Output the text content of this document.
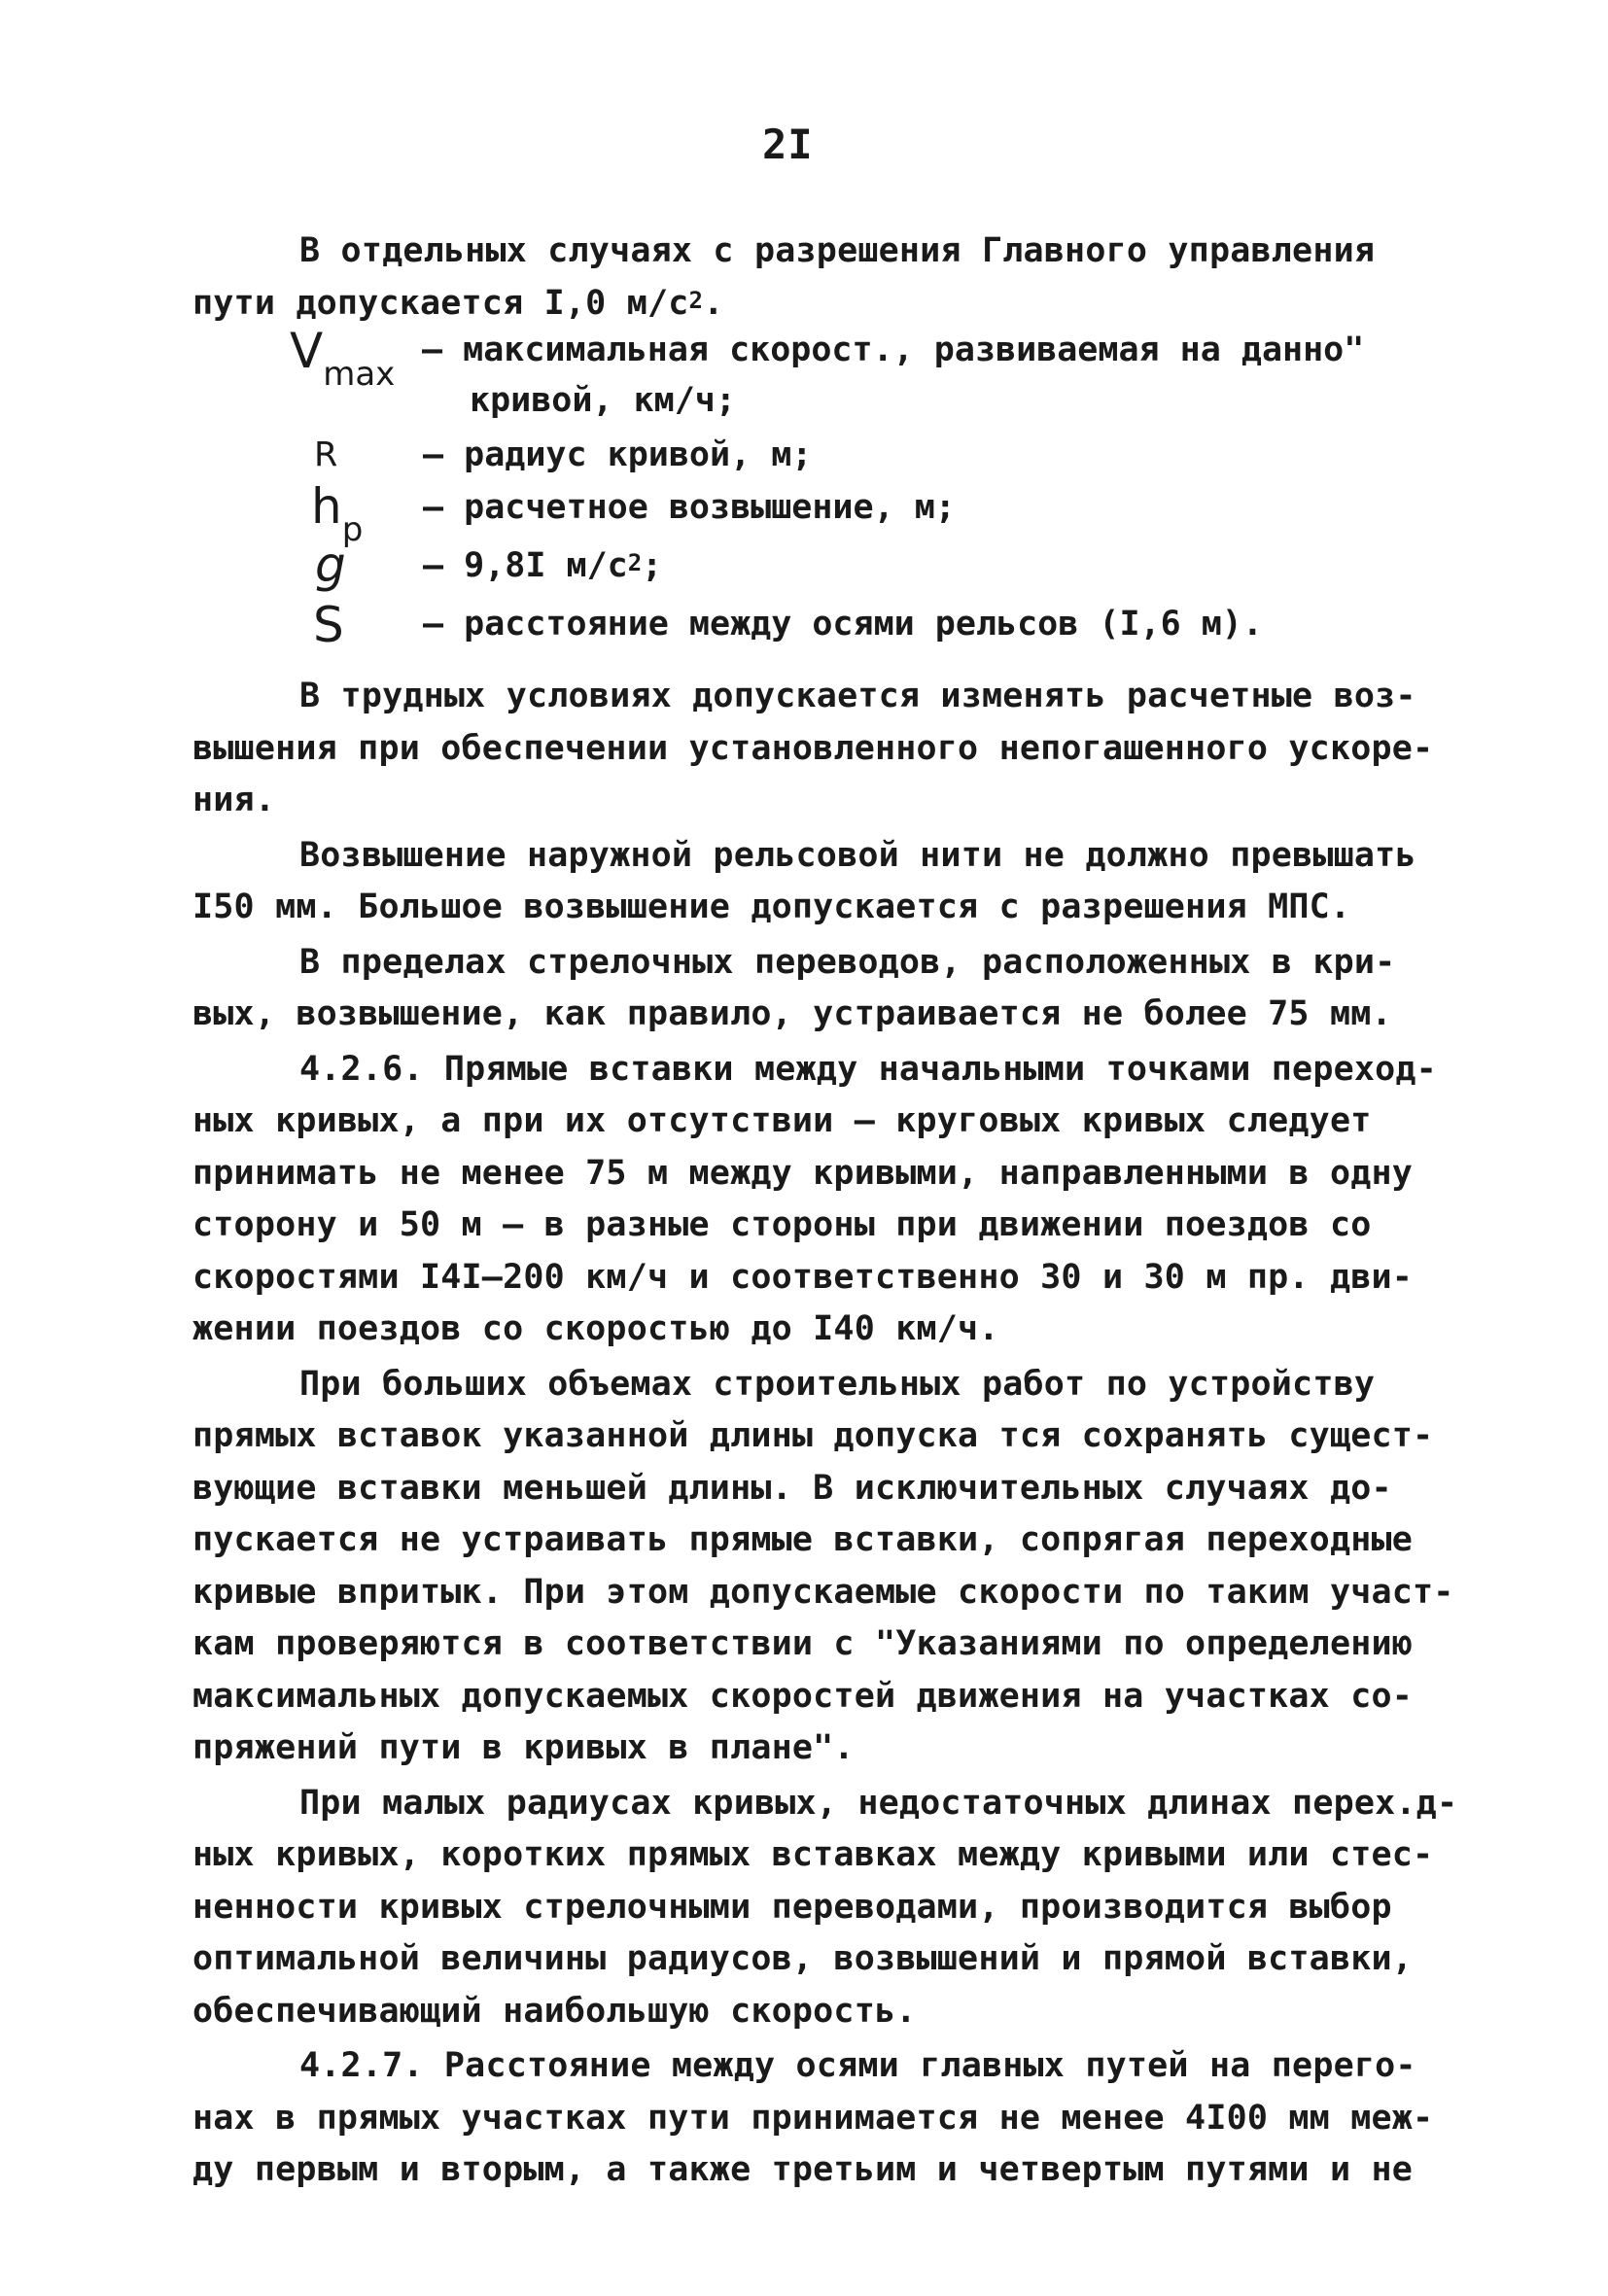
2I
В отдельных случаях с разрешения Главного управления
пути допускается I,0 $м/с^2$.
$V_{max}$
– максимальная скорост., развиваемая на данно"
кривой, км/ч;
R	– радиус кривой, м;
$h_p$
– расчетное возвышение, м;
g – 9,8I $м/с^2$;
S – расстояние между осями рельсов (I,6 м).
В трудных условиях допускается изменять расчетные воз-
вышения при обеспечении установленного непогашенного ускоре-
ния.
Возвышение наружной рельсовой нити не должно превышать
I50 мм. Большое возвышение допускается с разрешения МПС.
В пределах стрелочных переводов, расположенных в кри-
вых, возвышение, как правило, устраивается не более 75 мм.
4.2.6. Прямые вставки между начальными точками переход-
ных кривых, а при их отсутствии – круговых кривых следует
принимать не менее 75 м между кривыми, направленными в одну
сторону и 50 м – в разные стороны при движении поездов со
скоростями I4I–200 км/ч и соответственно 30 и 30 м пр. дви-
жении поездов со скоростью до I40 км/ч.
При больших объемах строительных работ по устройству
прямых вставок указанной длины допуска тся сохранять сущест-
вующие вставки меньшей длины. В исключительных случаях до-
пускается не устраивать прямые вставки, сопрягая переходные
кривые впритык. При этом допускаемые скорости по таким участ-
кам проверяются в соответствии с "Указаниями по определению
максимальных допускаемых скоростей движения на участках со-
пряжений пути в кривых в плане".
При малых радиусах кривых, недостаточных длинах перех.д-
ных кривых, коротких прямых вставках между кривыми или стес-
ненности кривых стрелочными переводами, производится выбор
оптимальной величины радиусов, возвышений и прямой вставки,
обеспечивающий наибольшую скорость.
4.2.7. Расстояние между осями главных путей на перего-
нах в прямых участках пути принимается не менее 4I00 мм меж-
ду первым и вторым, а также третьим и четвертым путями и не
